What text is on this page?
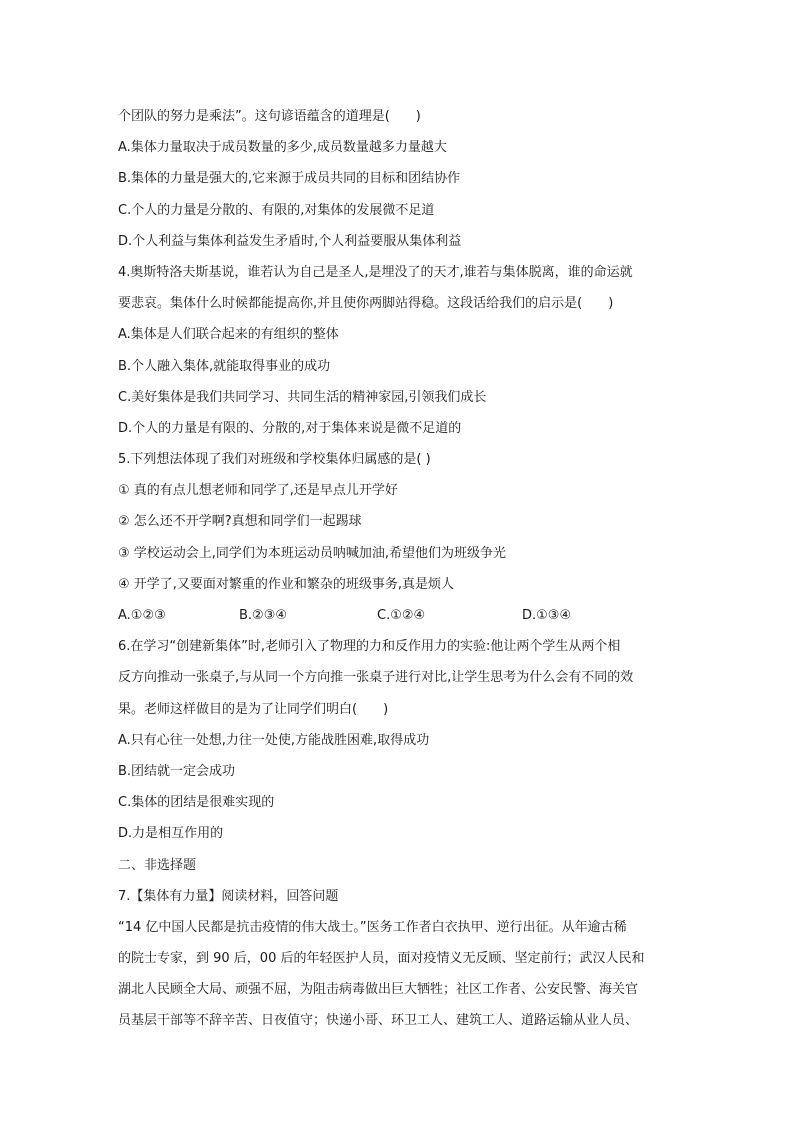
个团队的努力是乘法”。这句谚语蕴含的道理是(　　)
A.集体力量取决于成员数量的多少,成员数量越多力量越大
B.集体的力量是强大的,它来源于成员共同的目标和团结协作
C.个人的力量是分散的、有限的,对集体的发展微不足道
D.个人利益与集体利益发生矛盾时,个人利益要服从集体利益
4.奥斯特洛夫斯基说，谁若认为自己是圣人,是埋没了的天才,谁若与集体脱离，谁的命运就
要悲哀。集体什么时候都能提高你,并且使你两脚站得稳。这段话给我们的启示是(　　)
A.集体是人们联合起来的有组织的整体
B.个人融入集体,就能取得事业的成功
C.美好集体是我们共同学习、共同生活的精神家园,引领我们成长
D.个人的力量是有限的、分散的,对于集体来说是微不足道的
5.下列想法体现了我们对班级和学校集体归属感的是( )
① 真的有点儿想老师和同学了,还是早点儿开学好
② 怎么还不开学啊?真想和同学们一起踢球
③ 学校运动会上,同学们为本班运动员呐喊加油,希望他们为班级争光
④ 开学了,又要面对繁重的作业和繁杂的班级事务,真是烦人
A.①②③	B.②③④	C.①②④	D.①③④
6.在学习“创建新集体”时,老师引入了物理的力和反作用力的实验:他让两个学生从两个相
反方向推动一张桌子,与从同一个方向推一张桌子进行对比,让学生思考为什么会有不同的效
果。老师这样做目的是为了让同学们明白(　　)
A.只有心往一处想,力往一处使,方能战胜困难,取得成功
B.团结就一定会成功
C.集体的团结是很难实现的
D.力是相互作用的
二、非选择题
7.【集体有力量】阅读材料，回答问题
“14 亿中国人民都是抗击疫情的伟大战士。”医务工作者白衣执甲、逆行出征。从年逾古稀
的院士专家，到 90 后，00 后的年轻医护人员，面对疫情义无反顾、坚定前行；武汉人民和
湖北人民顾全大局、顽强不屈，为阻击病毒做出巨大牺牲；社区工作者、公安民警、海关官
员基层干部等不辞辛苦、日夜值守；快递小哥、环卫工人、建筑工人、道路运输从业人员、
